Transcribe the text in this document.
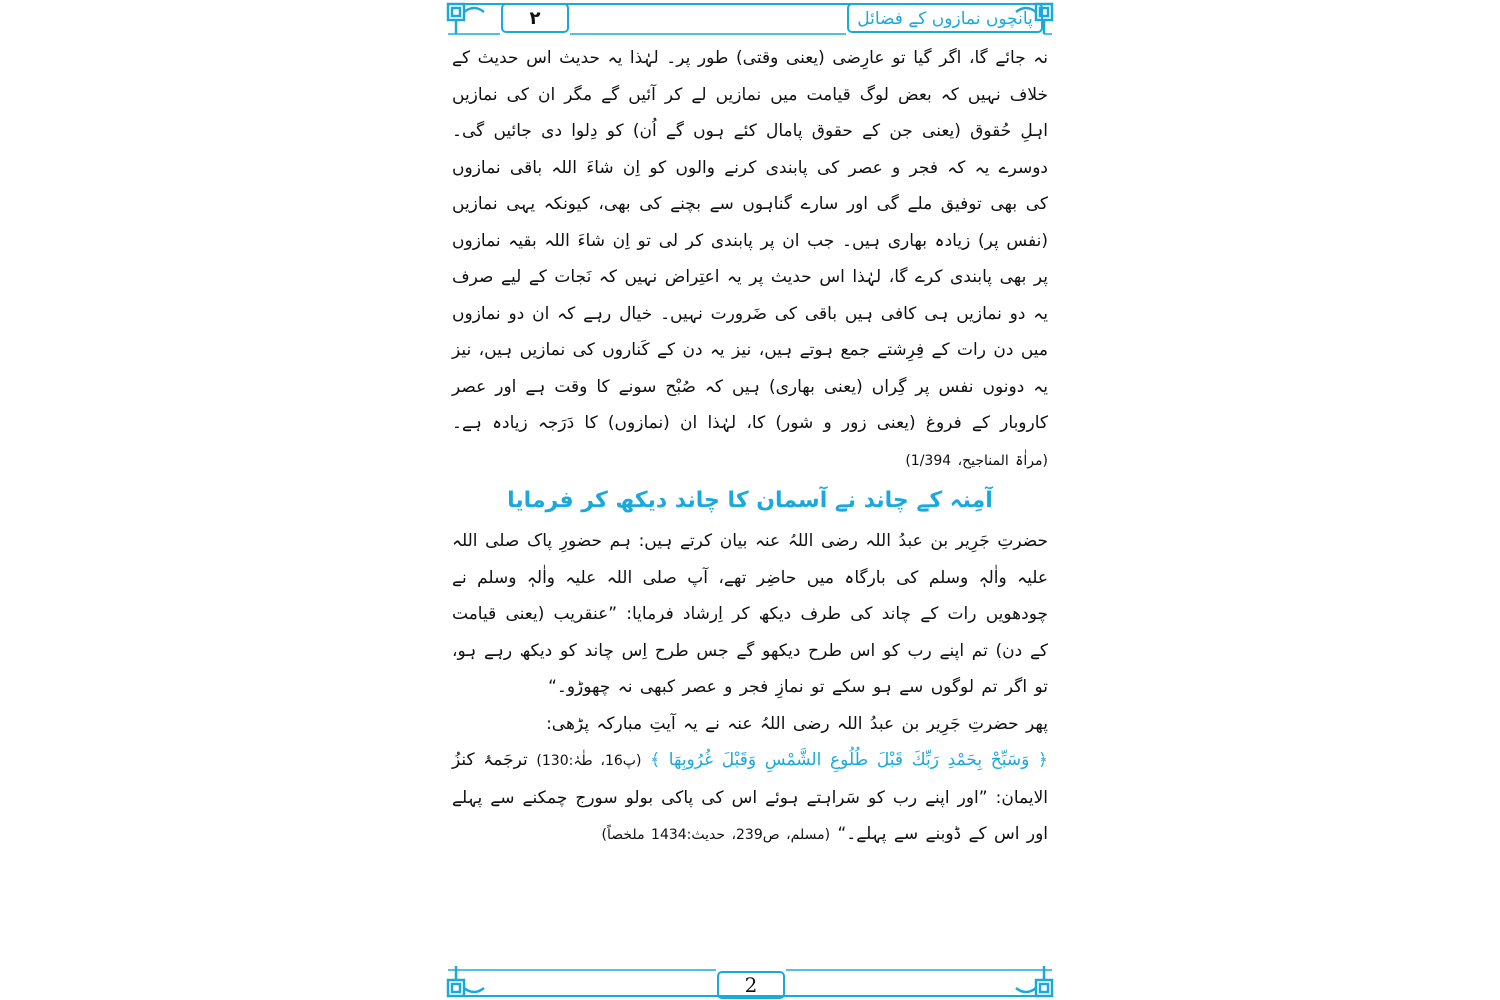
پانچوں نمازوں کے فضائل
۲

نہ جائے گا، اگر گیا تو عارِضی (یعنی وقتی) طور پر۔ لہٰذا یہ حدیث اس حدیث کے خلاف نہیں کہ بعض لوگ قیامت میں نمازیں لے کر آئیں گے مگر ان کی نمازیں اہلِ حُقوق (یعنی جن کے حقوق پامال کئے ہوں گے اُن) کو دِلوا دی جائیں گی۔ دوسرے یہ کہ فجر و عصر کی پابندی کرنے والوں کو اِن شاءَ اللہ باقی نمازوں کی بھی توفیق ملے گی اور سارے گناہوں سے بچنے کی بھی، کیونکہ یہی نمازیں (نفس پر) زیادہ بھاری ہیں۔ جب ان پر پابندی کر لی تو اِن شاءَ اللہ بقیہ نمازوں پر بھی پابندی کرے گا، لہٰذا اس حدیث پر یہ اعتِراض نہیں کہ نَجات کے لیے صرف یہ دو نمازیں ہی کافی ہیں باقی کی ضَرورت نہیں۔ خیال رہے کہ ان دو نمازوں میں دن رات کے فِرِشتے جمع ہوتے ہیں، نیز یہ دن کے کَناروں کی نمازیں ہیں، نیز یہ دونوں نفس پر گِراں (یعنی بھاری) ہیں کہ صُبْح سونے کا وقت ہے اور عصر کاروبار کے فروغ (یعنی زور و شور) کا، لہٰذا ان (نمازوں) کا دَرَجہ زیادہ ہے۔ (مراٰۃ المناجیح، 1/394)

آمِنہ کے چاند نے آسمان کا چاند دیکھ کر فرمایا

حضرتِ جَرِیر بن عبدُ اللہ رضی اللہُ عنہ بیان کرتے ہیں: ہم حضورِ پاک صلی اللہ علیہ واٰلہٖ وسلم کی بارگاہ میں حاضِر تھے، آپ صلی اللہ علیہ واٰلہٖ وسلم نے چودھویں رات کے چاند کی طرف دیکھ کر اِرشاد فرمایا: ”عنقریب (یعنی قیامت کے دن) تم اپنے رب کو اس طرح دیکھو گے جس طرح اِس چاند کو دیکھ رہے ہو، تو اگر تم لوگوں سے ہو سکے تو نمازِ فجر و عصر کبھی نہ چھوڑو۔“

پھر حضرتِ جَرِیر بن عبدُ اللہ رضی اللہُ عنہ نے یہ آیتِ مبارکہ پڑھی:

﴿ وَسَبِّحْ بِحَمْدِ رَبِّكَ قَبْلَ طُلُوعِ الشَّمْسِ وَقَبْلَ غُرُوبِهَا ﴾ (پ16، طٰہٰ:130) ترجَمۂ کنزُ الایمان: ”اور اپنے رب کو سَراہتے ہوئے اس کی پاکی بولو سورج چمکنے سے پہلے اور اس کے ڈوبنے سے پہلے۔“ (مسلم، ص239، حدیث:1434 ملخصاً)

2
